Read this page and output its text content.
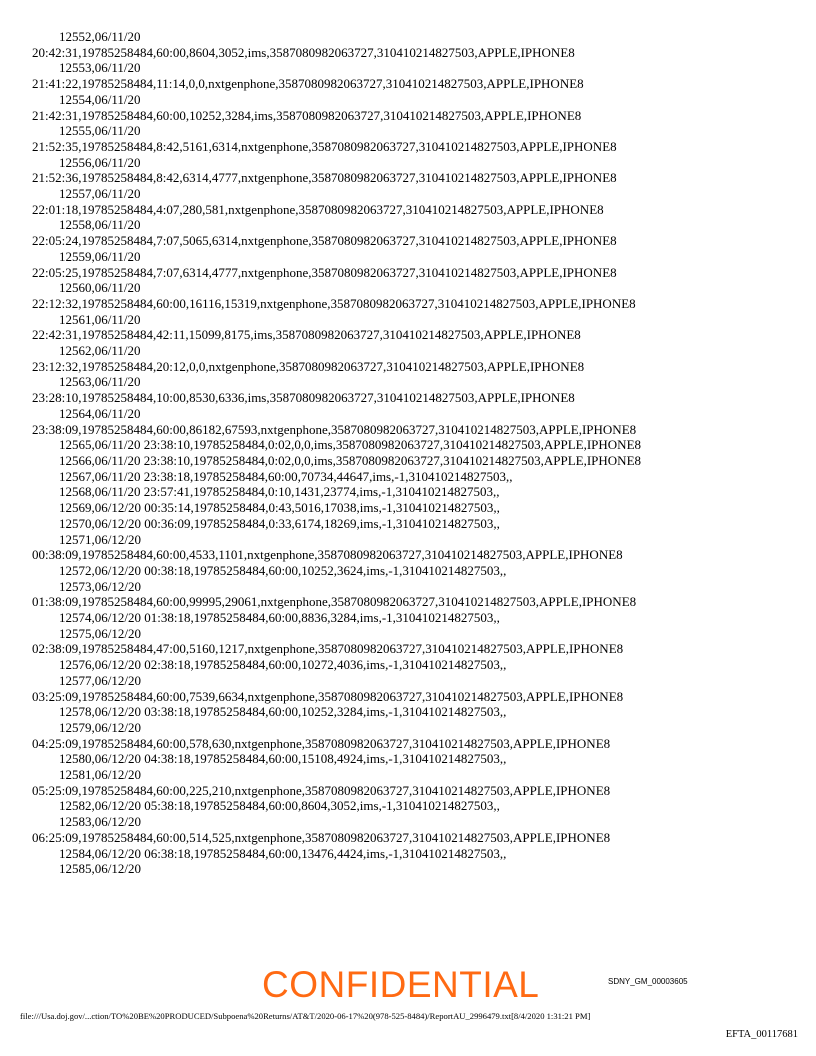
12552,06/11/20
20:42:31,19785258484,60:00,8604,3052,ims,3587080982063727,310410214827503,APPLE,IPHONE8
12553,06/11/20
21:41:22,19785258484,11:14,0,0,nxtgenphone,3587080982063727,310410214827503,APPLE,IPHONE8
12554,06/11/20
21:42:31,19785258484,60:00,10252,3284,ims,3587080982063727,310410214827503,APPLE,IPHONE8
12555,06/11/20
21:52:35,19785258484,8:42,5161,6314,nxtgenphone,3587080982063727,310410214827503,APPLE,IPHONE8
12556,06/11/20
21:52:36,19785258484,8:42,6314,4777,nxtgenphone,3587080982063727,310410214827503,APPLE,IPHONE8
12557,06/11/20
22:01:18,19785258484,4:07,280,581,nxtgenphone,3587080982063727,310410214827503,APPLE,IPHONE8
12558,06/11/20
22:05:24,19785258484,7:07,5065,6314,nxtgenphone,3587080982063727,310410214827503,APPLE,IPHONE8
12559,06/11/20
22:05:25,19785258484,7:07,6314,4777,nxtgenphone,3587080982063727,310410214827503,APPLE,IPHONE8
12560,06/11/20
22:12:32,19785258484,60:00,16116,15319,nxtgenphone,3587080982063727,310410214827503,APPLE,IPHONE8
12561,06/11/20
22:42:31,19785258484,42:11,15099,8175,ims,3587080982063727,310410214827503,APPLE,IPHONE8
12562,06/11/20
23:12:32,19785258484,20:12,0,0,nxtgenphone,3587080982063727,310410214827503,APPLE,IPHONE8
12563,06/11/20
23:28:10,19785258484,10:00,8530,6336,ims,3587080982063727,310410214827503,APPLE,IPHONE8
12564,06/11/20
23:38:09,19785258484,60:00,86182,67593,nxtgenphone,3587080982063727,310410214827503,APPLE,IPHONE8
12565,06/11/20 23:38:10,19785258484,0:02,0,0,ims,3587080982063727,310410214827503,APPLE,IPHONE8
12566,06/11/20 23:38:10,19785258484,0:02,0,0,ims,3587080982063727,310410214827503,APPLE,IPHONE8
12567,06/11/20 23:38:18,19785258484,60:00,70734,44647,ims,-1,310410214827503,,
12568,06/11/20 23:57:41,19785258484,0:10,1431,23774,ims,-1,310410214827503,,
12569,06/12/20 00:35:14,19785258484,0:43,5016,17038,ims,-1,310410214827503,,
12570,06/12/20 00:36:09,19785258484,0:33,6174,18269,ims,-1,310410214827503,,
12571,06/12/20
00:38:09,19785258484,60:00,4533,1101,nxtgenphone,3587080982063727,310410214827503,APPLE,IPHONE8
12572,06/12/20 00:38:18,19785258484,60:00,10252,3624,ims,-1,310410214827503,,
12573,06/12/20
01:38:09,19785258484,60:00,99995,29061,nxtgenphone,3587080982063727,310410214827503,APPLE,IPHONE8
12574,06/12/20 01:38:18,19785258484,60:00,8836,3284,ims,-1,310410214827503,,
12575,06/12/20
02:38:09,19785258484,47:00,5160,1217,nxtgenphone,3587080982063727,310410214827503,APPLE,IPHONE8
12576,06/12/20 02:38:18,19785258484,60:00,10272,4036,ims,-1,310410214827503,,
12577,06/12/20
03:25:09,19785258484,60:00,7539,6634,nxtgenphone,3587080982063727,310410214827503,APPLE,IPHONE8
12578,06/12/20 03:38:18,19785258484,60:00,10252,3284,ims,-1,310410214827503,,
12579,06/12/20
04:25:09,19785258484,60:00,578,630,nxtgenphone,3587080982063727,310410214827503,APPLE,IPHONE8
12580,06/12/20 04:38:18,19785258484,60:00,15108,4924,ims,-1,310410214827503,,
12581,06/12/20
05:25:09,19785258484,60:00,225,210,nxtgenphone,3587080982063727,310410214827503,APPLE,IPHONE8
12582,06/12/20 05:38:18,19785258484,60:00,8604,3052,ims,-1,310410214827503,,
12583,06/12/20
06:25:09,19785258484,60:00,514,525,nxtgenphone,3587080982063727,310410214827503,APPLE,IPHONE8
12584,06/12/20 06:38:18,19785258484,60:00,13476,4424,ims,-1,310410214827503,,
12585,06/12/20
SDNY_GM_00003605
CONFIDENTIAL
file:///Usa.doj.gov/...ction/TO%20BE%20PRODUCED/Subpoena%20Returns/AT&T/2020-06-17%20(978-525-8484)/ReportAU_2996479.txt[8/4/2020 1:31:21 PM]
EFTA_00117681
